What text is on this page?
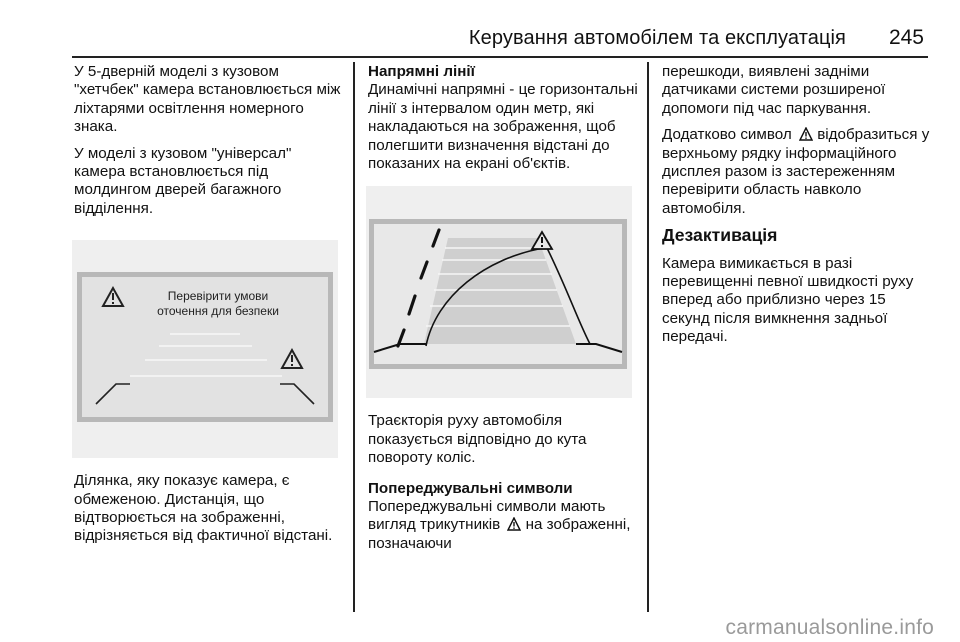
Керування автомобілем та експлуатація 245

У 5-дверній моделі з кузовом "хетчбек" камера встановлюється між ліхтарями освітлення номерного знака.

У моделі з кузовом "універсал" камера встановлюється під молдингом дверей багажного відділення.

Перевірити умови
оточення для безпеки

Ділянка, яку показує камера, є обмеженою. Дистанція, що відтворюється на зображенні, відрізняється від фактичної відстані.

Напрямні лінії

Динамічні напрямні - це горизонтальні лінії з інтервалом один метр, які накладаються на зображення, щоб полегшити визначення відстані до показаних на екрані об'єктів.

Траєкторія руху автомобіля показується відповідно до кута повороту коліс.

Попереджувальні символи

Попереджувальні символи мають вигляд трикутників на зображенні, позначаючи

перешкоди, виявлені задніми датчиками системи розширеної допомоги під час паркування.

Додатково символ відобразиться у верхньому рядку інформаційного дисплея разом із застереженням перевірити область навколо автомобіля.

Дезактивація

Камера вимикається в разі перевищенні певної швидкості руху вперед або приблизно через 15 секунд після вимкнення задньої передачі.

carmanualsonline.info
